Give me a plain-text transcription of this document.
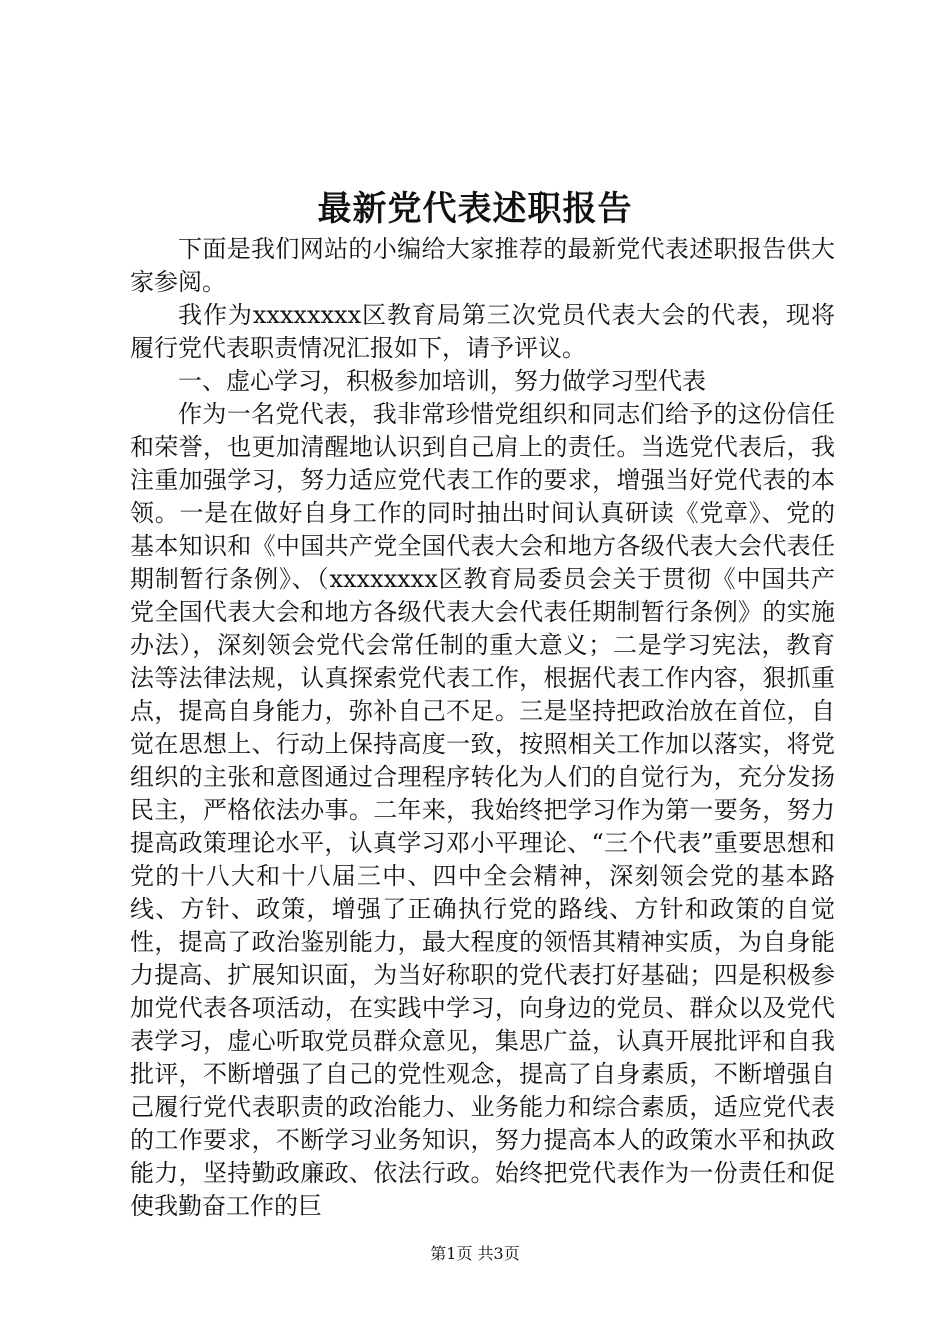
最新党代表述职报告

下面是我们网站的小编给大家推荐的最新党代表述职报告供大家参阅。

我作为xxxxxxxx区教育局第三次党员代表大会的代表，现将履行党代表职责情况汇报如下，请予评议。

一、虚心学习，积极参加培训，努力做学习型代表

作为一名党代表，我非常珍惜党组织和同志们给予的这份信任和荣誉，也更加清醒地认识到自己肩上的责任。当选党代表后，我注重加强学习，努力适应党代表工作的要求，增强当好党代表的本领。一是在做好自身工作的同时抽出时间认真研读《党章》、党的基本知识和《中国共产党全国代表大会和地方各级代表大会代表任期制暂行条例》、（xxxxxxxx区教育局委员会关于贯彻《中国共产党全国代表大会和地方各级代表大会代表任期制暂行条例》的实施办法），深刻领会党代会常任制的重大意义；二是学习宪法，教育法等法律法规，认真探索党代表工作，根据代表工作内容，狠抓重点，提高自身能力，弥补自己不足。三是坚持把政治放在首位，自觉在思想上、行动上保持高度一致，按照相关工作加以落实，将党组织的主张和意图通过合理程序转化为人们的自觉行为，充分发扬民主，严格依法办事。二年来，我始终把学习作为第一要务，努力提高政策理论水平，认真学习邓小平理论、“三个代表”重要思想和党的十八大和十八届三中、四中全会精神，深刻领会党的基本路线、方针、政策，增强了正确执行党的路线、方针和政策的自觉性，提高了政治鉴别能力，最大程度的领悟其精神实质，为自身能力提高、扩展知识面，为当好称职的党代表打好基础；四是积极参加党代表各项活动，在实践中学习，向身边的党员、群众以及党代表学习，虚心听取党员群众意见，集思广益，认真开展批评和自我批评，不断增强了自己的党性观念，提高了自身素质，不断增强自己履行党代表职责的政治能力、业务能力和综合素质，适应党代表的工作要求，不断学习业务知识，努力提高本人的政策水平和执政能力，坚持勤政廉政、依法行政。始终把党代表作为一份责任和促使我勤奋工作的巨

第1页 共3页
